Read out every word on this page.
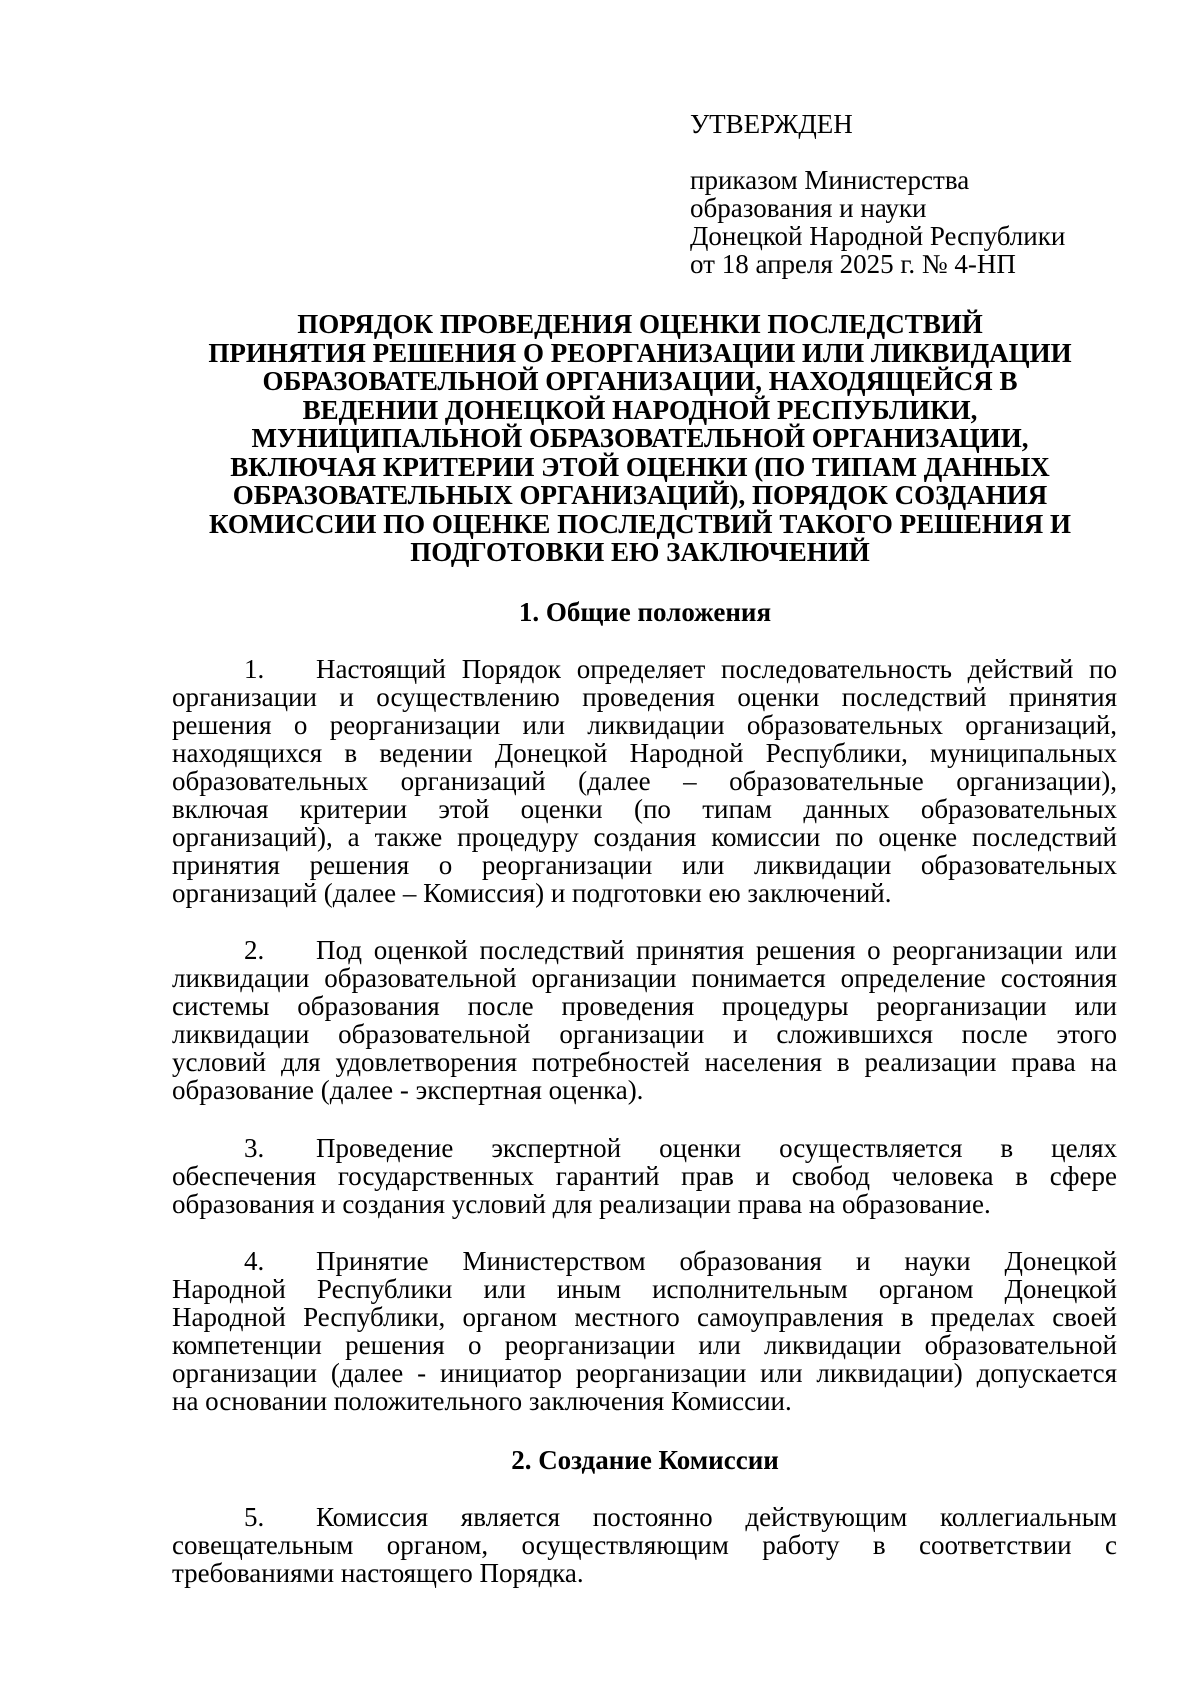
УТВЕРЖДЕН
приказом Министерства
образования и науки
Донецкой Народной Республики
от 18 апреля 2025 г. № 4-НП
ПОРЯДОК ПРОВЕДЕНИЯ ОЦЕНКИ ПОСЛЕДСТВИЙ
ПРИНЯТИЯ РЕШЕНИЯ О РЕОРГАНИЗАЦИИ ИЛИ ЛИКВИДАЦИИ
ОБРАЗОВАТЕЛЬНОЙ ОРГАНИЗАЦИИ, НАХОДЯЩЕЙСЯ В
ВЕДЕНИИ ДОНЕЦКОЙ НАРОДНОЙ РЕСПУБЛИКИ,
МУНИЦИПАЛЬНОЙ ОБРАЗОВАТЕЛЬНОЙ ОРГАНИЗАЦИИ,
ВКЛЮЧАЯ КРИТЕРИИ ЭТОЙ ОЦЕНКИ (ПО ТИПАМ ДАННЫХ
ОБРАЗОВАТЕЛЬНЫХ ОРГАНИЗАЦИЙ), ПОРЯДОК СОЗДАНИЯ
КОМИССИИ ПО ОЦЕНКЕ ПОСЛЕДСТВИЙ ТАКОГО РЕШЕНИЯ И
ПОДГОТОВКИ ЕЮ ЗАКЛЮЧЕНИЙ
1. Общие положения
1. Настоящий Порядок определяет последовательность действий по
организации и осуществлению проведения оценки последствий принятия
решения о реорганизации или ликвидации образовательных организаций,
находящихся в ведении Донецкой Народной Республики, муниципальных
образовательных организаций (далее – образовательные организации),
включая критерии этой оценки (по типам данных образовательных
организаций), а также процедуру создания комиссии по оценке последствий
принятия решения о реорганизации или ликвидации образовательных
организаций (далее – Комиссия) и подготовки ею заключений.
2. Под оценкой последствий принятия решения о реорганизации или
ликвидации образовательной организации понимается определение состояния
системы образования после проведения процедуры реорганизации или
ликвидации образовательной организации и сложившихся после этого
условий для удовлетворения потребностей населения в реализации права на
образование (далее - экспертная оценка).
3. Проведение экспертной оценки осуществляется в целях
обеспечения государственных гарантий прав и свобод человека в сфере
образования и создания условий для реализации права на образование.
4. Принятие Министерством образования и науки Донецкой
Народной Республики или иным исполнительным органом Донецкой
Народной Республики, органом местного самоуправления в пределах своей
компетенции решения о реорганизации или ликвидации образовательной
организации (далее - инициатор реорганизации или ликвидации) допускается
на основании положительного заключения Комиссии.
2. Создание Комиссии
5. Комиссия является постоянно действующим коллегиальным
совещательным органом, осуществляющим работу в соответствии с
требованиями настоящего Порядка.
